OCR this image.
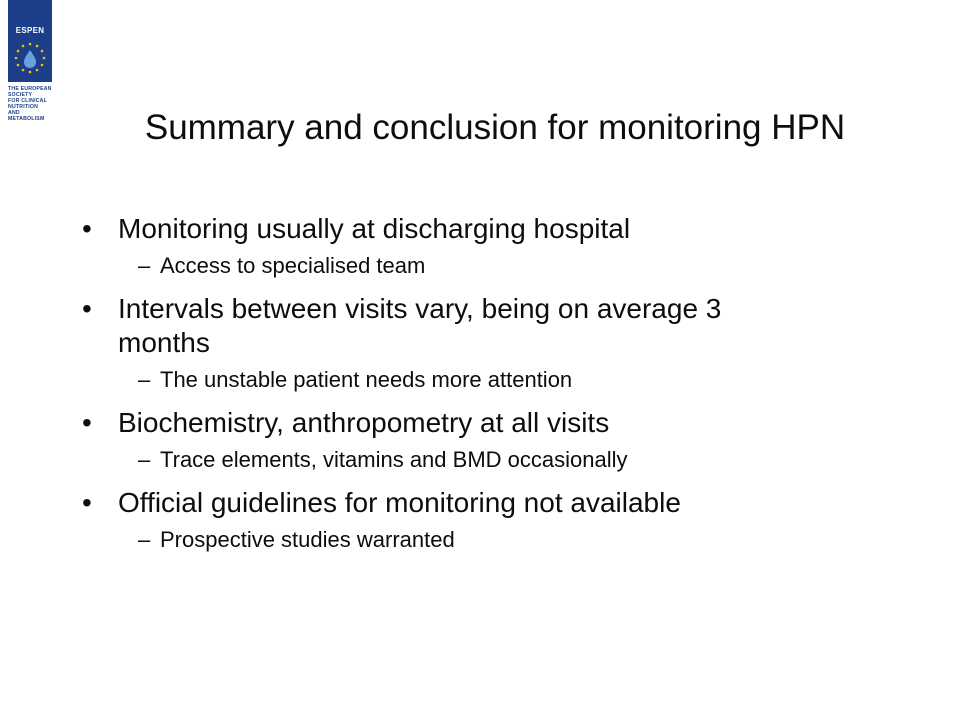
ESPEN
THE EUROPEAN
SOCIETY
FOR CLINICAL
NUTRITION
AND
METABOLISM	Summary and conclusion for monitoring HPN
• Monitoring usually at discharging hospital
– Access to specialised team
• Intervals between visits vary, being on average 3 months
– The unstable patient needs more attention
• Biochemistry, anthropometry at all visits
– Trace elements, vitamins and BMD occasionally
• Official guidelines for monitoring not available
– Prospective studies warranted
